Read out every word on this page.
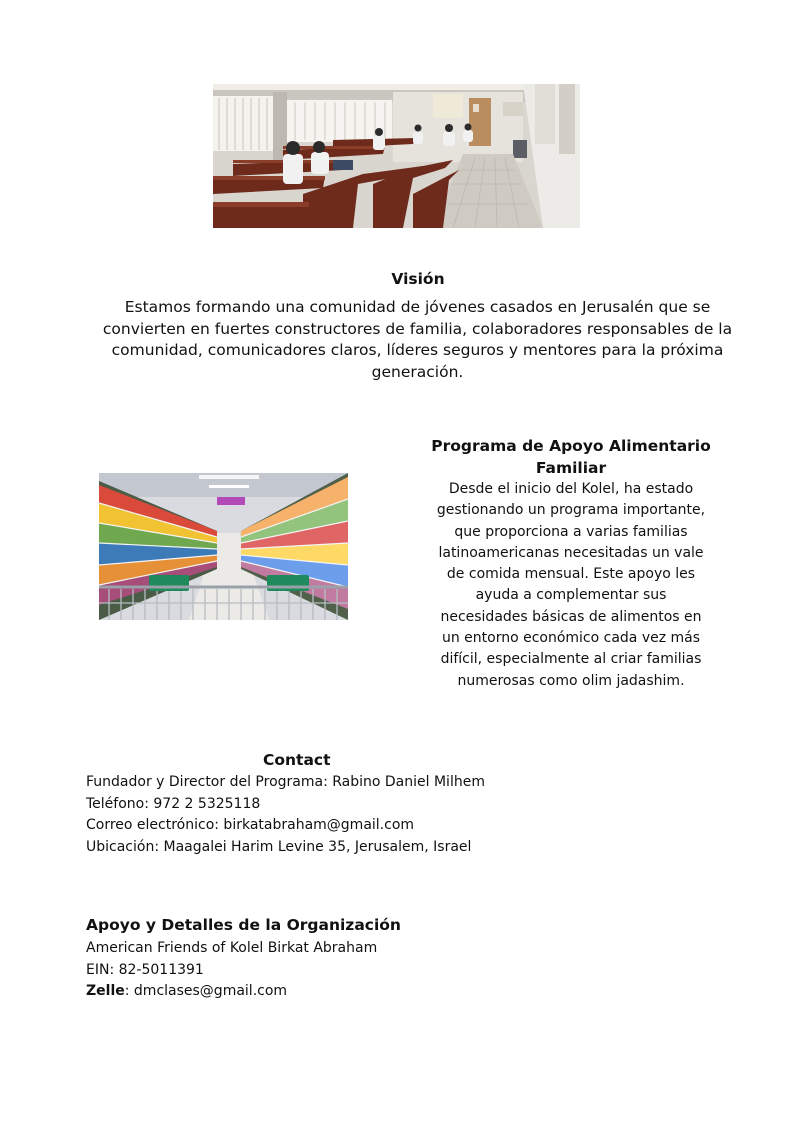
Visión
Estamos formando una comunidad de jóvenes casados en Jerusalén que se convierten en fuertes constructores de familia, colaboradores responsables de la comunidad, comunicadores claros, líderes seguros y mentores para la próxima generación.
Programa de Apoyo Alimentario Familiar
Desde el inicio del Kolel, ha estado gestionando un programa importante, que proporciona a varias familias latinoamericanas necesitadas un vale de comida mensual. Este apoyo les ayuda a complementar sus necesidades básicas de alimentos en un entorno económico cada vez más difícil, especialmente al criar familias numerosas como olim jadashim.
Contact
Fundador y Director del Programa: Rabino Daniel Milhem
Teléfono: 972 2 5325118
Correo electrónico: birkatabraham@gmail.com
Ubicación: Maagalei Harim Levine 35, Jerusalem, Israel
Apoyo y Detalles de la Organización
American Friends of Kolel Birkat Abraham
EIN: 82-5011391
Zelle: dmclases@gmail.com
